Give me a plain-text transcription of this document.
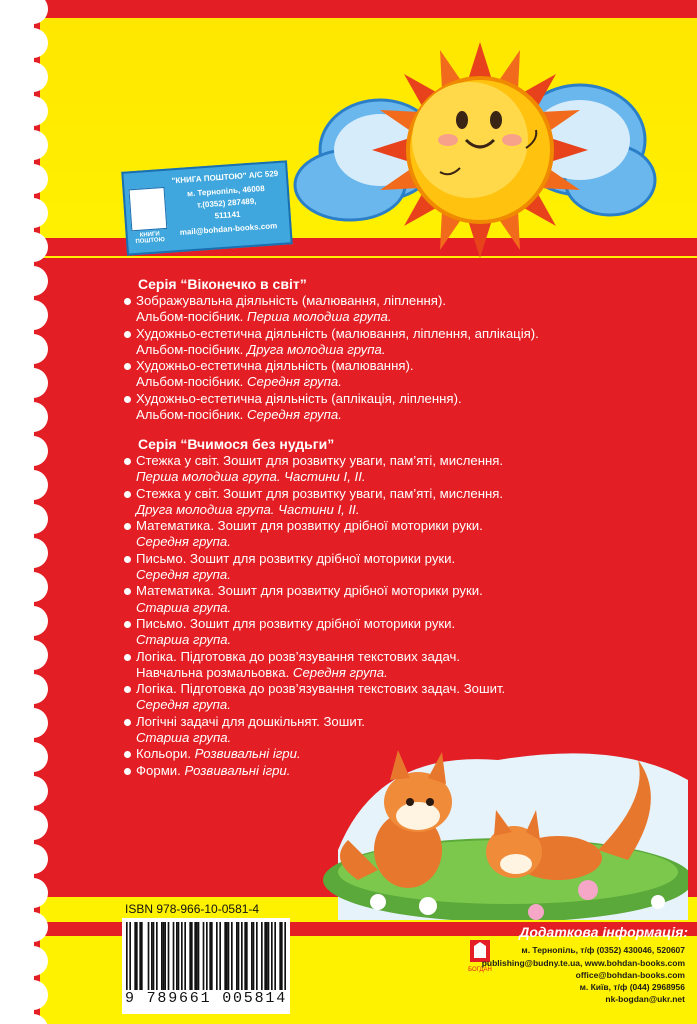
КНИГИ ПОШТОЮ
"КНИГА ПОШТОЮ" А/С 529
м. Тернопіль, 46008
т.(0352) 287489,
511141
mail@bohdan-books.com
Серія “Віконечко в світ”
Зображувальна діяльність (малювання, ліплення).
Альбом-посібник. Перша молодша група.
Художньо-естетична діяльність (малювання, ліплення, аплікація).
Альбом-посібник. Друга молодша група.
Художньо-естетична діяльність (малювання).
Альбом-посібник. Середня група.
Художньо-естетична діяльність (аплікація, ліплення).
Альбом-посібник. Середня група.
Серія “Вчимося без нудьги”
Стежка у світ. Зошит для розвитку уваги, пам’яті, мислення.
Перша молодша група. Частини І, ІІ.
Стежка у світ. Зошит для розвитку уваги, пам’яті, мислення.
Друга молодша група. Частини І, ІІ.
Математика. Зошит для розвитку дрібної моторики руки.
Середня група.
Письмо. Зошит для розвитку дрібної моторики руки.
Середня група.
Математика. Зошит для розвитку дрібної моторики руки.
Старша група.
Письмо. Зошит для розвитку дрібної моторики руки.
Старша група.
Логіка. Підготовка до розв’язування текстових задач.
Навчальна розмальовка. Середня група.
Логіка. Підготовка до розв’язування текстових задач. Зошит.
Середня група.
Логічні задачі для дошкільнят. Зошит.
Старша група.
Кольори. Розвивальні ігри.
Форми. Розвивальні ігри.
ISBN 978-966-10-0581-4
9 789661 005814
Додаткова інформація:
БОГДАН
м. Тернопіль, т/ф (0352) 430046, 520607
publishing@budny.te.ua, www.bohdan-books.com
office@bohdan-books.com
м. Київ, т/ф (044) 2968956
nk-bogdan@ukr.net
